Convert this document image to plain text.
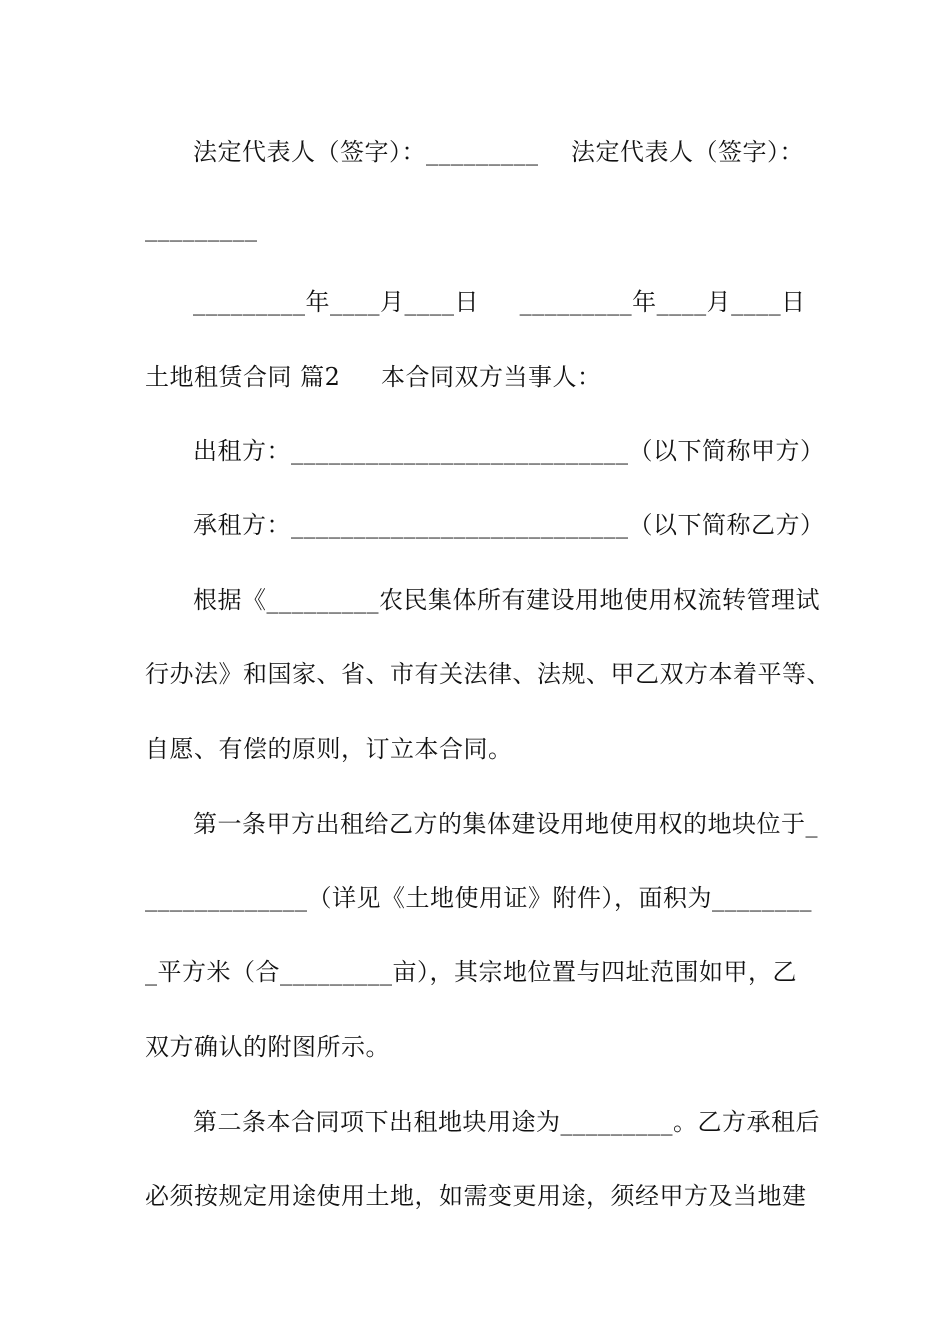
法定代表人（签字）：_________    法定代表人（签字）：
_________
_________年____月____日     _________年____月____日
土地租赁合同 篇2     本合同双方当事人：
出租方：___________________________（以下简称甲方）
承租方：___________________________（以下简称乙方）
根据《_________农民集体所有建设用地使用权流转管理试
行办法》和国家、省、市有关法律、法规、甲乙双方本着平等、
自愿、有偿的原则，订立本合同。
第一条甲方出租给乙方的集体建设用地使用权的地块位于_
_____________（详见《土地使用证》附件），面积为________
_平方米（合_________亩），其宗地位置与四址范围如甲，乙
双方确认的附图所示。
第二条本合同项下出租地块用途为_________。乙方承租后
必须按规定用途使用土地，如需变更用途，须经甲方及当地建
